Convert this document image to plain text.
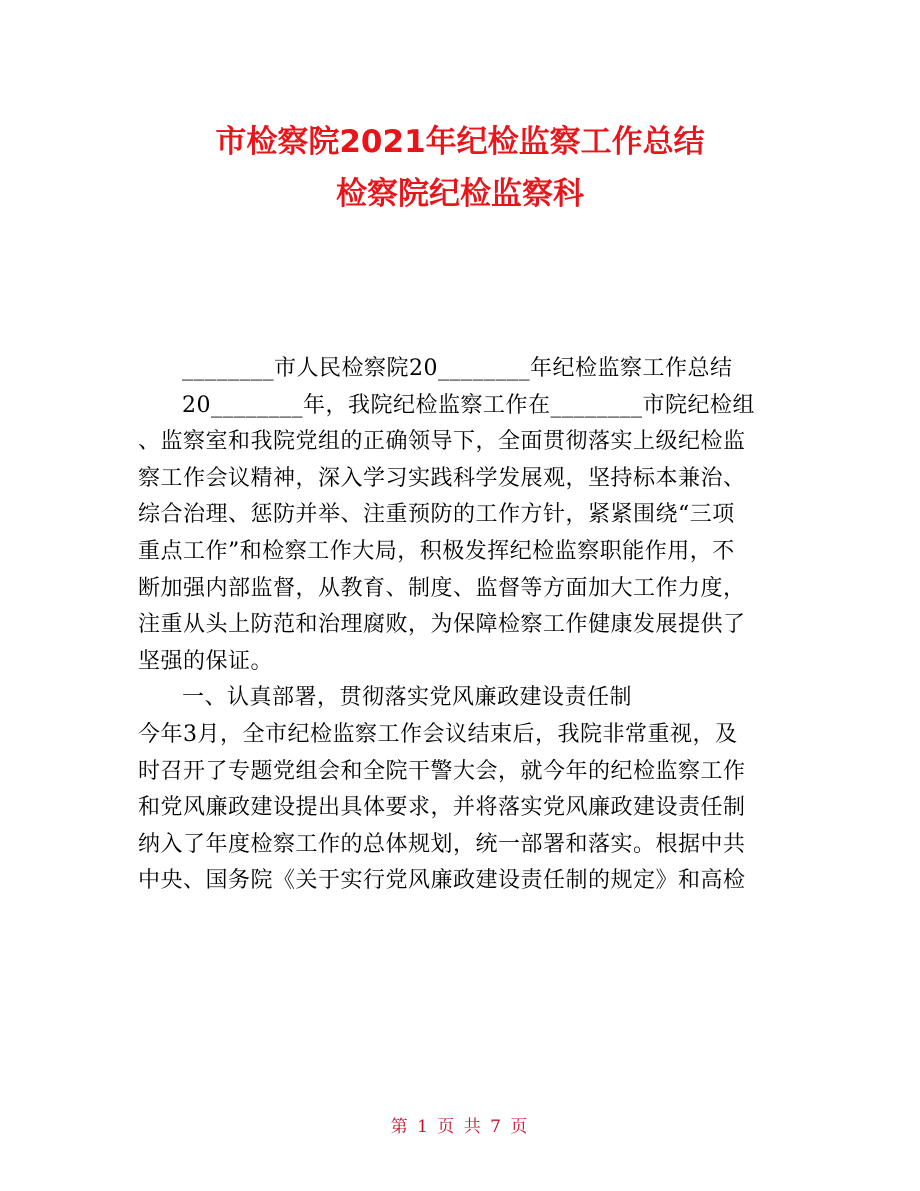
市检察院2021年纪检监察工作总结
检察院纪检监察科
________市人民检察院20________年纪检监察工作总结
20________年，我院纪检监察工作在________市院纪检组
、监察室和我院党组的正确领导下，全面贯彻落实上级纪检监
察工作会议精神，深入学习实践科学发展观，坚持标本兼治、
综合治理、惩防并举、注重预防的工作方针，紧紧围绕“三项
重点工作”和检察工作大局，积极发挥纪检监察职能作用，不
断加强内部监督，从教育、制度、监督等方面加大工作力度，
注重从头上防范和治理腐败，为保障检察工作健康发展提供了
坚强的保证。
一、认真部署，贯彻落实党风廉政建设责任制
今年3月，全市纪检监察工作会议结束后，我院非常重视，及
时召开了专题党组会和全院干警大会，就今年的纪检监察工作
和党风廉政建设提出具体要求，并将落实党风廉政建设责任制
纳入了年度检察工作的总体规划，统一部署和落实。根据中共
中央、国务院《关于实行党风廉政建设责任制的规定》和高检
第 1 页 共 7 页
